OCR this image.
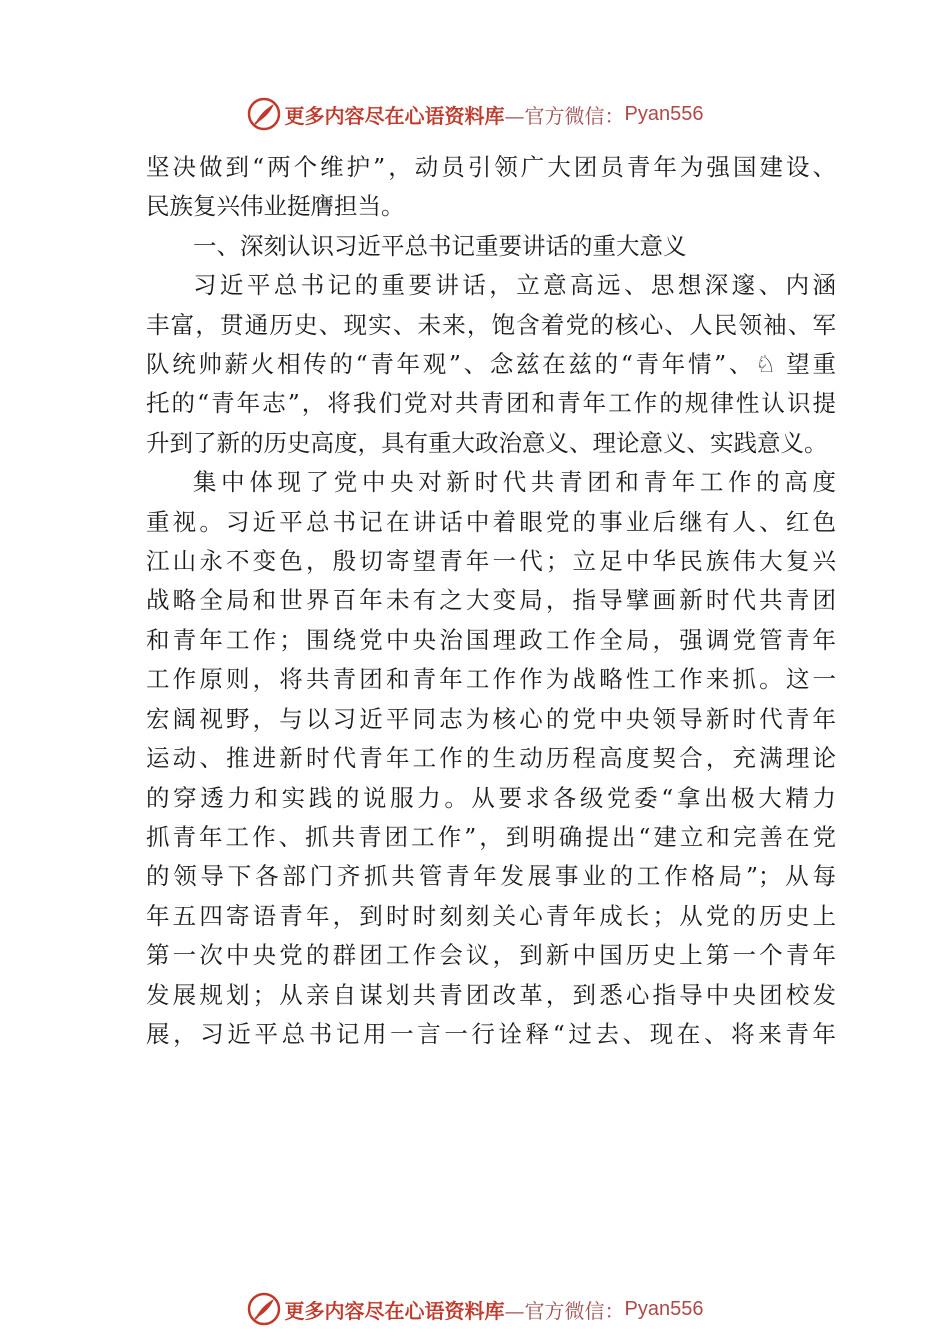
更多内容尽在心语资料库 —官方微信： Pyan556

坚决做到“两个维护”，动员引领广大团员青年为强国建设、
民族复兴伟业挺膺担当。

一、深刻认识习近平总书记重要讲话的重大意义

习近平总书记的重要讲话，立意高远、思想深邃、内涵
丰富，贯通历史、现实、未来，饱含着党的核心、人民领袖、军
队统帅薪火相传的“青年观”、念兹在兹的“青年情”、♘ 望重
托的“青年志”，将我们党对共青团和青年工作的规律性认识提
升到了新的历史高度，具有重大政治意义、理论意义、实践意义。

集中体现了党中央对新时代共青团和青年工作的高度
重视。习近平总书记在讲话中着眼党的事业后继有人、红色
江山永不变色，殷切寄望青年一代；立足中华民族伟大复兴
战略全局和世界百年未有之大变局，指导擘画新时代共青团
和青年工作；围绕党中央治国理政工作全局，强调党管青年
工作原则，将共青团和青年工作作为战略性工作来抓。这一
宏阔视野，与以习近平同志为核心的党中央领导新时代青年
运动、推进新时代青年工作的生动历程高度契合，充满理论
的穿透力和实践的说服力。从要求各级党委“拿出极大精力
抓青年工作、抓共青团工作”，到明确提出“建立和完善在党
的领导下各部门齐抓共管青年发展事业的工作格局”；从每
年五四寄语青年，到时时刻刻关心青年成长；从党的历史上
第一次中央党的群团工作会议，到新中国历史上第一个青年
发展规划；从亲自谋划共青团改革，到悉心指导中央团校发
展，习近平总书记用一言一行诠释“过去、现在、将来青年

更多内容尽在心语资料库 —官方微信： Pyan556
